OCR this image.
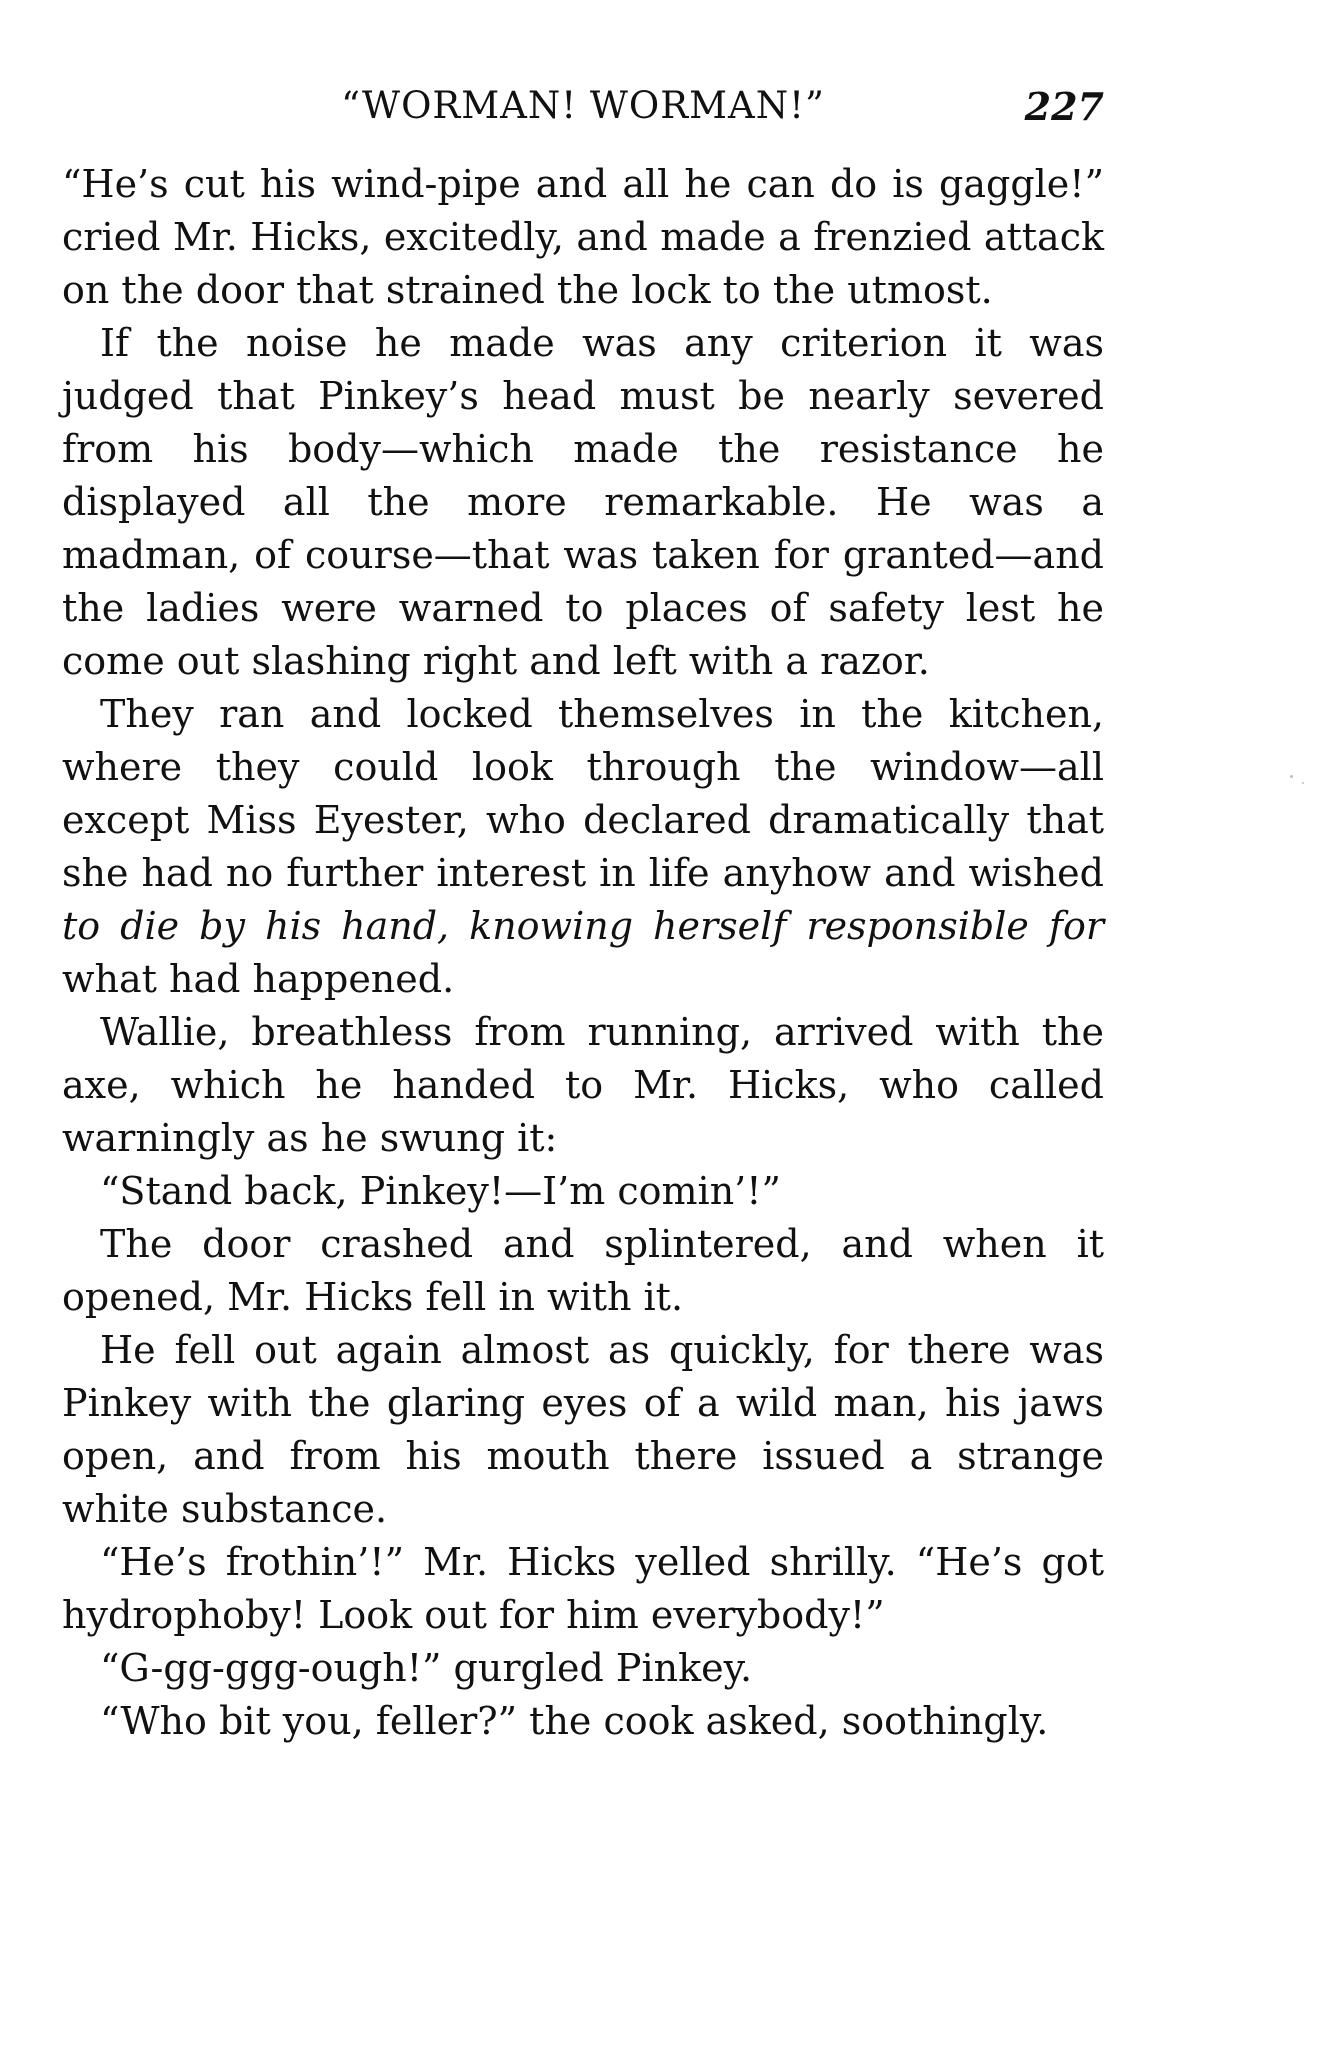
“WORMAN! WORMAN!”	227

“He’s cut his wind-pipe and all he can do is gaggle!” cried Mr. Hicks, excitedly, and made a frenzied attack on the door that strained the lock to the utmost.

If the noise he made was any criterion it was judged that Pinkey’s head must be nearly severed from his body—which made the resistance he displayed all the more remarkable. He was a madman, of course—that was taken for granted—and the ladies were warned to places of safety lest he come out slashing right and left with a razor.

They ran and locked themselves in the kitchen, where they could look through the window—all except Miss Eyester, who declared dramatically that she had no further interest in life anyhow and wished to die by his hand, knowing herself responsible for what had happened.

Wallie, breathless from running, arrived with the axe, which he handed to Mr. Hicks, who called warningly as he swung it:

“Stand back, Pinkey!—I’m comin’!”

The door crashed and splintered, and when it opened, Mr. Hicks fell in with it.

He fell out again almost as quickly, for there was Pinkey with the glaring eyes of a wild man, his jaws open, and from his mouth there issued a strange white substance.

“He’s frothin’!” Mr. Hicks yelled shrilly. “He’s got hydrophoby! Look out for him everybody!”

“G-gg-ggg-ough!” gurgled Pinkey.

“Who bit you, feller?” the cook asked, soothingly.
